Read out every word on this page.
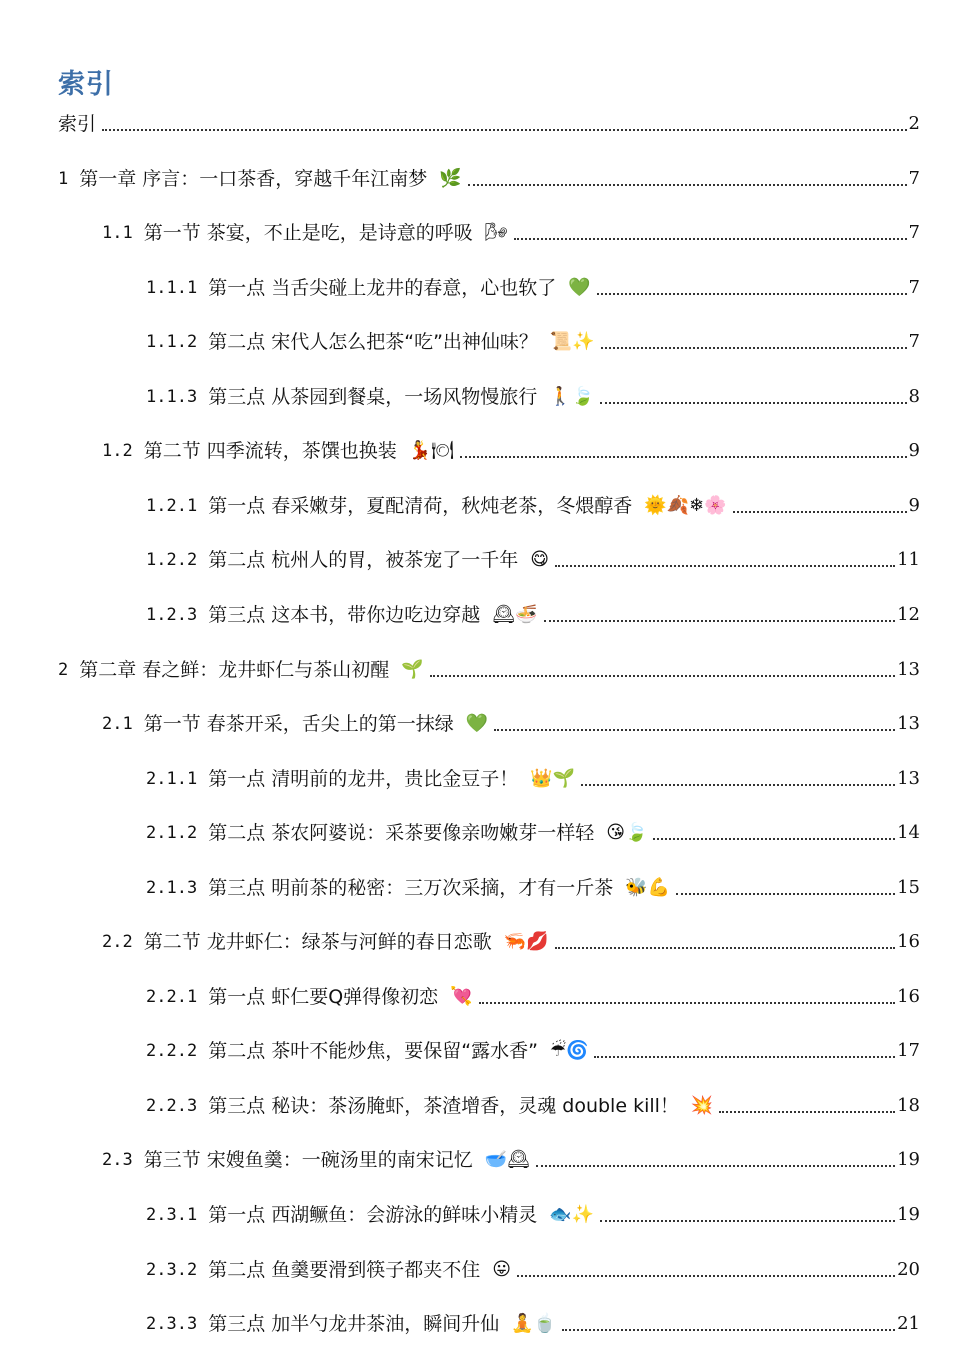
索引
索引	2
1 第一章 序言：一口茶香，穿越千年江南梦 🌿	7
1.1 第一节 茶宴，不止是吃，是诗意的呼吸 🌬	7
1.1.1 第一点 当舌尖碰上龙井的春意，心也软了 💚	7
1.1.2 第二点 宋代人怎么把茶“吃”出神仙味？ 📜✨	7
1.1.3 第三点 从茶园到餐桌，一场风物慢旅行 🚶🍃	8
1.2 第二节 四季流转，茶馔也换装 💃🍽	9
1.2.1 第一点 春采嫩芽，夏配清荷，秋炖老茶，冬煨醇香 🌞🍂❄🌸	9
1.2.2 第二点 杭州人的胃，被茶宠了一千年 😋	11
1.2.3 第三点 这本书，带你边吃边穿越 🕰🍜	12
2 第二章 春之鲜：龙井虾仁与茶山初醒 🌱	13
2.1 第一节 春茶开采，舌尖上的第一抹绿 💚	13
2.1.1 第一点 清明前的龙井，贵比金豆子！ 👑🌱	13
2.1.2 第二点 茶农阿婆说：采茶要像亲吻嫩芽一样轻 😘🍃	14
2.1.3 第三点 明前茶的秘密：三万次采摘，才有一斤茶 🐝💪	15
2.2 第二节 龙井虾仁：绿茶与河鲜的春日恋歌 🦐💋	16
2.2.1 第一点 虾仁要Q弹得像初恋 💘	16
2.2.2 第二点 茶叶不能炒焦，要保留“露水香” ☔🌀	17
2.2.3 第三点 秘诀：茶汤腌虾，茶渣增香，灵魂 double kill！ 💥	18
2.3 第三节 宋嫂鱼羹：一碗汤里的南宋记忆 🥣🕰	19
2.3.1 第一点 西湖鳜鱼：会游泳的鲜味小精灵 🐟✨	19
2.3.2 第二点 鱼羹要滑到筷子都夹不住 😛	20
2.3.3 第三点 加半勺龙井茶油，瞬间升仙 🧘🍵	21
